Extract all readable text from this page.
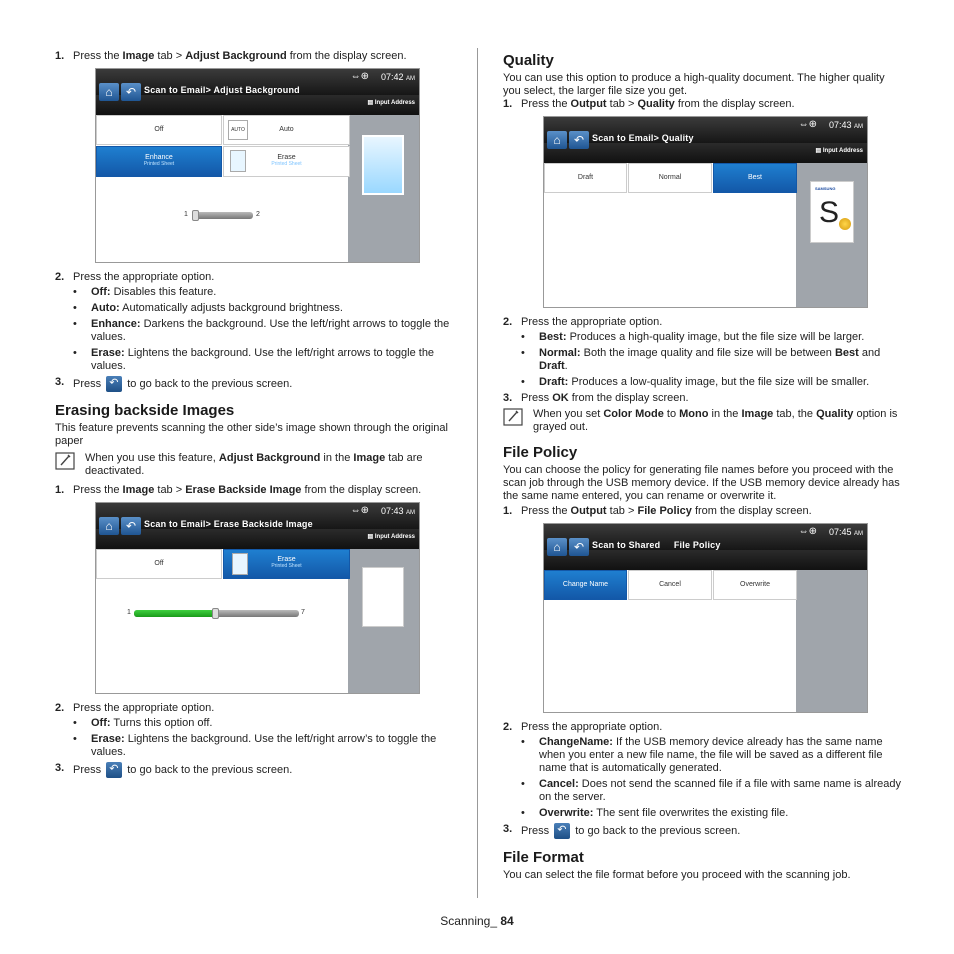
1. Press the Image tab > Adjust Background from the display screen.
⇔⊕ 07:42 AM
Scan to Email> Adjust Background
⌂	↶
▤ Input Address
Off	AUTO	Auto
Enhance
Printed Sheet
Erase
Printed Sheet
1	2
2. Press the appropriate option.
•	Off: Disables this feature.
•	Auto: Automatically adjusts background brightness.
•	Enhance: Darkens the background. Use the left/right arrows to toggle the values.
•	Erase: Lightens the background. Use the left/right arrows to toggle the values.
3. Press ↶ to go back to the previous screen.
Erasing backside Images

This feature prevents scanning the other side’s image shown through the original paper

When you use this feature, Adjust Background in the Image tab are deactivated.

1. Press the Image tab > Erase Backside Image from the display screen.
⇔⊕ 07:43 AM
Scan to Email> Erase Backside Image
⌂	↶
▤ Input Address
Off
Erase
Printed Sheet
1	7
2. Press the appropriate option.
•	Off: Turns this option off.
•	Erase: Lightens the background. Use the left/right arrow’s to toggle the values.
3. Press ↶ to go back to the previous screen.
Quality

You can use this option to produce a high-quality document. The higher quality you select, the larger file size you get.

1. Press the Output tab > Quality from the display screen.
⇔⊕ 07:43 AM
Scan to Email> Quality
⌂	↶
▤ Input Address
SAMSUNG
S
Draft	Normal	Best
2. Press the appropriate option.
•	Best: Produces a high-quality image, but the file size will be larger.
•	Normal: Both the image quality and file size will be between Best and Draft.
•	Draft: Produces a low-quality image, but the file size will be smaller.
3. Press OK from the display screen.

When you set Color Mode to Mono in the Image tab, the Quality option is grayed out.

File Policy

You can choose the policy for generating file names before you proceed with the scan job through the USB memory device. If the USB memory device already has the same name entered, you can rename or overwrite it.

1. Press the Output tab > File Policy from the display screen.
⇔⊕ 07:45 AM
Scan to Shared File Policy
⌂	↶
Change Name	Cancel	Overwrite
2. Press the appropriate option.
•	ChangeName: If the USB memory device already has the same name when you enter a new file name, the file will be saved as a different file name that is automatically generated.
•	Cancel: Does not send the scanned file if a file with same name is already on the server.
•	Overwrite: The sent file overwrites the existing file.
3. Press ↶ to go back to the previous screen.
File Format

You can select the file format before you proceed with the scanning job.

Scanning_ 84
